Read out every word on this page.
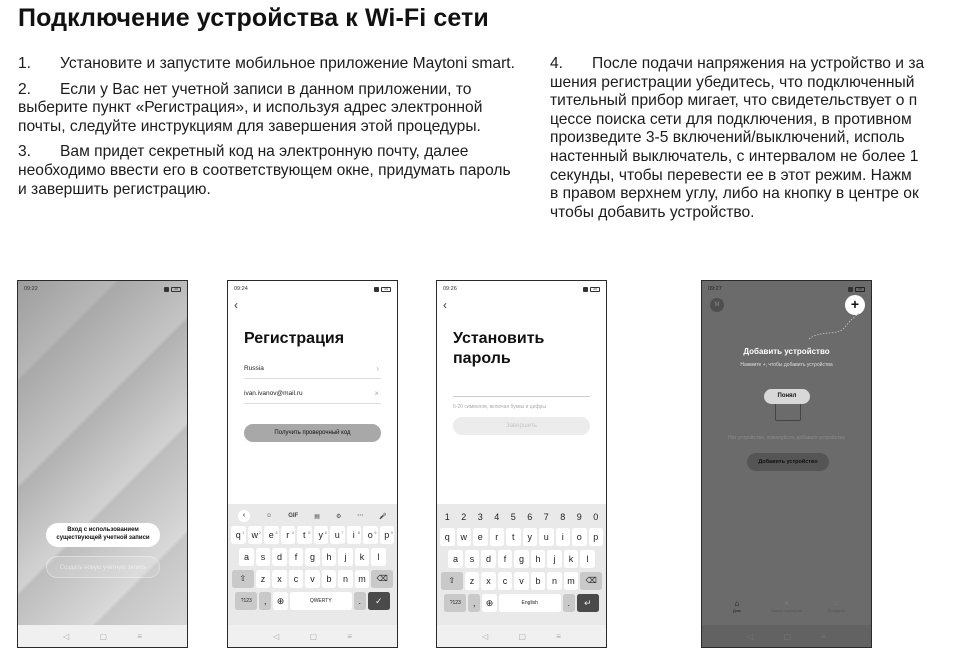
Подключение устройства к Wi-Fi сети

1. Установите и запустите мобильное приложение Maytoni smart.

2. Если у Вас нет учетной записи в данном приложении, то выберите пункт «Регистрация», и используя адрес электронной почты, следуйте инструкциям для завершения этой процедуры.

3. Вам придет секретный код на электронную почту, далее необходимо ввести его в соответствующем окне, придумать пароль и завершить регистрацию.

4. После подачи напряжения на устройство и за
шения регистрации убедитесь, что подключенный
тительный прибор мигает, что свидетельствует о п
цессе поиска сети для подключения, в противном
произведите 3-5 включений/выключений, исполь
настенный выключатель, с интервалом не более 1
секунды, чтобы перевести ее в этот режим. Нажм
в правом верхнем углу, либо на кнопку в центре ок
чтобы добавить устройство.

09:22	35
Вход с использованием существующей учетной записи
Создать новую учетную запись
◁	▢	≡
09:24	35
‹
Регистрация
Russia	›
ivan.ivanov@mail.ru	×
Получить проверочный код
‹	☺	GIF	▤	⚙	···	🎤
q 1 w 2 e 3 r 4 t 5 y 6 u 7	i 8 o 9 p 0
a	s	d	f	g	h	j	k	l
⇧	z	x	c	v	b	n	m	⌫
?123	,	⊕	QWERTY	.	✓
◁	▢	≡
09:26	35
‹
Установить
пароль
6-20 символов, включая буквы и цифры
Завершить
1	2	3	4	5	6	7	8	9	0
q	w	e	r	t	y	u	i	o	p
a	s	d	f	g	h	j	k	l
⇧	z	x	c	v	b	n	m	⌫
?123	,	⊕	English	.	↵
◁	▢	≡
09:27	35
M	+
Добавить устройство
Нажмите +, чтобы добавить устройства
Понял
Нет устройства, пожалуйста, добавьте устройства
Добавить устройство
⌂
Дом
☀
Умные сценарии
☺
Профиль
◁	▢	≡
